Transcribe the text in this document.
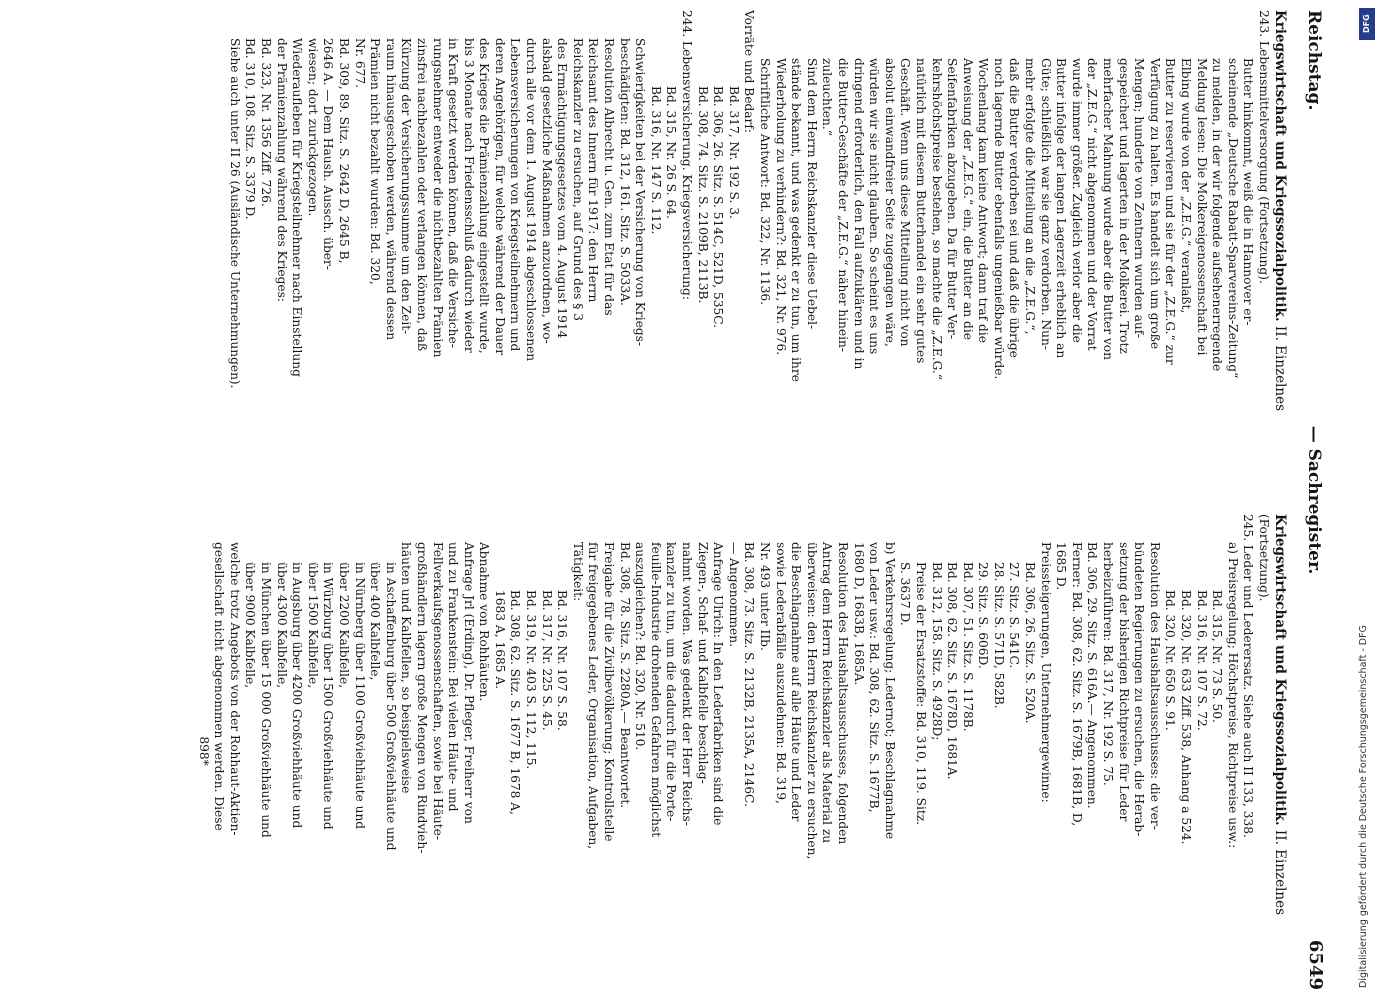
Reichstag.
— Sachregister.
6549
Kriegswirtschaft und Kriegssozialpolitik. II. Einzelnes
243. Lebensmittelversorgung (Fortsetzung).
Butter hinkommt, weiß die in Hannover er-
scheinende „Deutsche Rabatt-Sparvereins-Zeitung“
zu melden, in der wir folgende aufsehenerregende
Meldung lesen: Die Molkereigenossenschaft bei
Elbing wurde von der „Z.E.G.“ veranlaßt,
Butter zu reservieren und sie für der „Z.E.G.“ zur
Verfügung zu halten. Es handelt sich um große
Mengen; hunderte von Zentnern wurden auf-
gespeichert und lagerten in der Molkerei. Trotz
mehrfacher Mahnung wurde aber die Butter von
der „Z.E.G.“ nicht abgenommen und der Vorrat
wurde immer größer. Zugleich verlor aber die
Butter infolge der langen Lagerzeit erheblich an
Güte; schließlich war sie ganz verdorben. Nun-
mehr erfolgte die Mitteilung an die „Z.E.G.“,
daß die Butter verdorben sei und daß die übrige
noch lagernde Butter ebenfalls ungenießbar würde.
Wochenlang kam keine Antwort; dann traf die
Anweisung der „Z.E.G.“ ein, die Butter an die
Seifenfabriken abzugeben. Da für Butter Ver-
kehrshöchstpreise bestehen, so machte die „Z.E.G.“
natürlich mit diesem Butterhandel ein sehr gutes
Geschäft. Wenn uns diese Mitteilung nicht von
absolut einwandfreier Seite zugegangen wäre,
würden wir sie nicht glauben. So scheint es uns
dringend erforderlich, den Fall aufzuklären und in
die Butter-Geschäfte der „Z.E.G.“ näher hinein-
zuleuchten.“
Sind dem Herrn Reichskanzler diese Uebel-
stände bekannt, und was gedenkt er zu tun, um ihre
Wiederholung zu verhindern?: Bd. 321, Nr. 976.
Schriftliche Antwort: Bd. 322, Nr. 1136.
Vorräte und Bedarf:
Bd. 317, Nr. 192 S. 3.
Bd. 306, 26. Sitz. S. 514C, 521D, 535C.
Bd. 308, 74. Sitz. S. 2109B, 2113B.
244. Lebensversicherung. Kriegsversicherung:
Bd. 315, Nr. 26 S. 64.
Bd. 316, Nr. 147 S. 112.
Schwierigkeiten bei der Versicherung von Kriegs-
beschädigten: Bd. 312, 161. Sitz. S. 5033A.
Resolution Albrecht u. Gen. zum Etat für das
Reichsamt des Innern für 1917: den Herrn
Reichskanzler zu ersuchen, auf Grund des § 3
des Ermächtigungsgesetzes vom 4. August 1914
alsbald gesetzliche Maßnahmen anzuordnen, wo-
durch alle vor dem 1. August 1914 abgeschlossenen
Lebensversicherungen von Kriegsteilnehmern und
deren Angehörigen, für welche während der Dauer
des Krieges die Prämienzahlung eingestellt wurde,
bis 3 Monate nach Friedensschluß dadurch wieder
in Kraft gesetzt werden können, daß die Versiche-
rungsnehmer entweder die nichtbezahlten Prämien
zinsfrei nachbezahlen oder verlangen können, daß
Kürzung der Versicherungssumme um den Zeit-
raum hinausgeschoben werden, während dessen
Prämien nicht bezahlt wurden: Bd. 320,
Nr. 677.
Bd. 309, 89. Sitz. S. 2642 D, 2645 B,
2646 A. — Dem Haush. Aussch. über-
wiesen; dort zurückgezogen.
Wiederaufleben für Kriegsteilnehmer nach Einstellung
der Prämienzahlung während des Krieges:
Bd. 323, Nr. 1356 Ziff. 726.
Bd. 310, 108. Sitz. S. 3379 D.
Siehe auch unter II 26 (Ausländische Unternehmungen).
Kriegswirtschaft und Kriegssozialpolitik. II. Einzelnes
(Fortsetzung).
245. Leder und Lederersatz. Siehe auch II 133, 338.
a) Preisregelung; Höchstpreise, Richtpreise usw.:
Bd. 315, Nr. 73 S. 50.
Bd. 316, Nr. 107 S. 72.
Bd. 320, Nr. 633 Ziff. 538, Anhang a 524.
Bd. 320, Nr. 650 S. 91.
Resolution des Haushaltsausschusses: die ver-
bündeten Regierungen zu ersuchen, die Herab-
setzung der bisherigen Richtpreise für Leder
herbeizuführen: Bd. 317, Nr. 192 S. 75.
Bd. 306, 29. Sitz. S. 616A.— Angenommen.
Ferner: Bd. 308, 62. Sitz. S. 1679B, 1681B, D,
1685 D.
Preissteigerungen, Unternehmergewinne:
Bd. 306, 26. Sitz. S. 520A.
27. Sitz. S. 541C.
28. Sitz. S. 571D, 582B.
29. Sitz. S. 606D.
Bd. 307, 51. Sitz. S. 1178B.
Bd. 308, 62. Sitz. S. 1678D, 1681A.
Bd. 312, 158. Sitz. S. 4928D;
Preise der Ersatzstoffe: Bd. 310, 119. Sitz.
S. 3637 D.
b) Verkehrsregelung; Ledernot; Beschlagnahme
von Leder usw.: Bd. 308, 62. Sitz. S. 1677B,
1680 D, 1683B, 1685A.
Resolution des Haushaltsausschusses, folgenden
Antrag dem Herrn Reichskanzler als Material zu
überweisen: den Herrn Reichskanzler zu ersuchen,
die Beschlagnahme auf alle Häute und Leder
sowie Lederabfälle auszudehnen: Bd. 319,
Nr. 493 unter IIb.
Bd. 308, 73. Sitz. S. 2132B, 2135A, 2146C.
— Angenommen.
Anfrage Ulrich: In den Lederfabriken sind die
Ziegen-, Schaf- und Kalbfelle beschlag-
nahmt worden. Was gedenkt der Herr Reichs-
kanzler zu tun, um die dadurch für die Porte-
feuille-Industrie drohenden Gefahren möglichst
auszugleichen?: Bd. 320, Nr. 510.
Bd. 308, 78. Sitz. S. 2280A.— Beantwortet.
Freigabe für die Zivilbevölkerung; Kontrollstelle
für freigegebenes Leder, Organisation, Aufgaben,
Tätigkeit:
Bd. 316, Nr. 107 S. 58.
Bd. 317, Nr. 225 S. 45.
Bd. 319, Nr. 403 S. 112, 115.
Bd. 308, 62. Sitz. S. 1677 B, 1678 A,
1683 A, 1685 A.
Abnahme von Rohhäuten.
Anfrage Jrl (Erding), Dr. Pfleger, Freiherr von
und zu Frankenstein: Bei vielen Häute- und
Fellverkaufsgenossenschaften, sowie bei Häute-
großhändlern lagern große Mengen von Rindvieh-
häuten und Kalbfellen, so beispielsweise
in Aschaffenburg über 500 Großviehhäute und
über 400 Kalbfelle,
in Nürnberg über 1100 Großviehhäute und
über 2200 Kalbfelle,
in Würzburg über 1500 Großviehhäute und
über 1500 Kalbfelle,
in Augsburg über 4200 Großviehhäute und
über 4300 Kalbfelle,
in München über 15 000 Großviehhäute und
über 9000 Kalbfelle,
welche trotz Angebots von der Rohhaut-Aktien-
gesellschaft nicht abgenommen werden. Diese
898*
DFG
Digitalisierung gefördert durch die Deutsche Forschungsgemeinschaft - DFG
